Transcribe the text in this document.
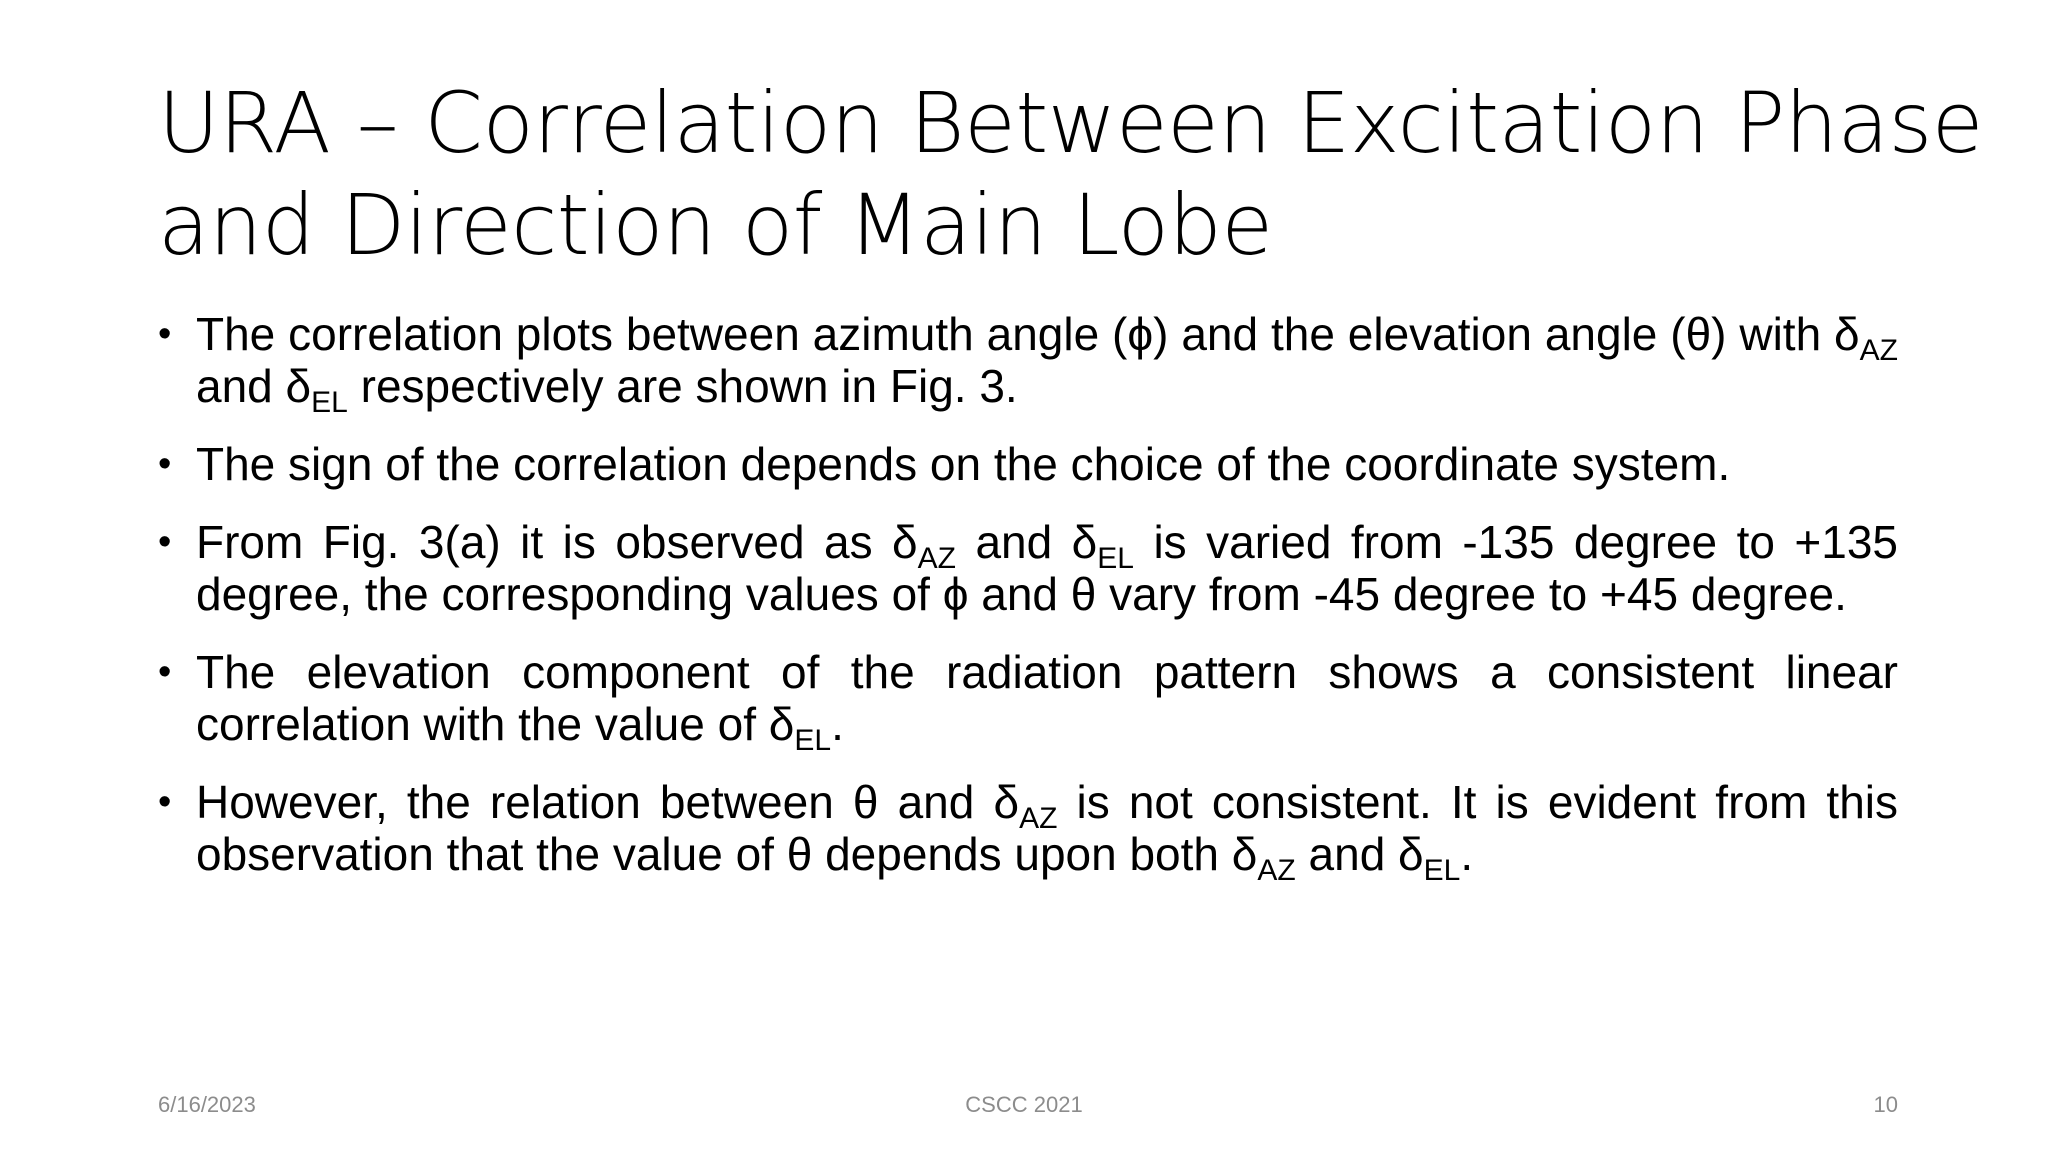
URA – Correlation Between Excitation Phase
and Direction of Main Lobe
• The correlation plots between azimuth angle (ϕ) and the elevation angle (θ) with $\delta_{AZ}$ and $\delta_{EL}$ respectively are shown in Fig. 3.
• The sign of the correlation depends on the choice of the coordinate system.
• From Fig. 3(a) it is observed as $\delta_{AZ}$ and $\delta_{EL}$ is varied from -135 degree to +135 degree, the corresponding values of ϕ and θ vary from -45 degree to +45 degree.
• The elevation component of the radiation pattern shows a consistent linear correlation with the value of $\delta_{EL}$.
• However, the relation between θ and $\delta_{AZ}$ is not consistent. It is evident from this observation that the value of θ depends upon both $\delta_{AZ}$ and $\delta_{EL}$.
6/16/2023	CSCC 2021	10
